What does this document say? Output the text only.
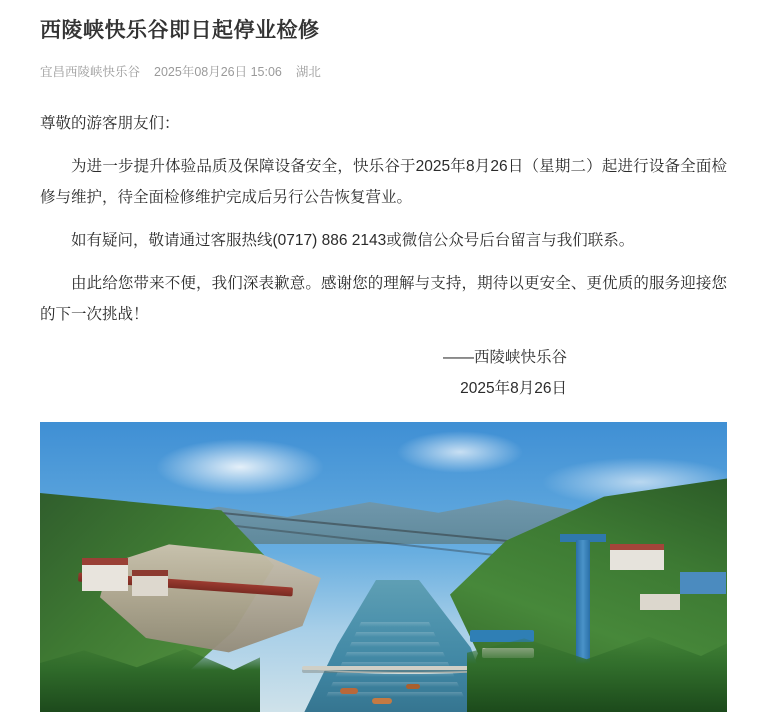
西陵峡快乐谷即日起停业检修
宜昌西陵峡快乐谷 2025年08月26日 15:06 湖北

尊敬的游客朋友们：

为进一步提升体验品质及保障设备安全，快乐谷于2025年8月26日（星期二）起进行设备全面检修与维护，待全面检修维护完成后另行公告恢复营业。

如有疑问，敬请通过客服热线(0717) 886 2143或微信公众号后台留言与我们联系。

由此给您带来不便，我们深表歉意。感谢您的理解与支持，期待以更安全、更优质的服务迎接您的下一次挑战！

——西陵峡快乐谷
2025年8月26日
